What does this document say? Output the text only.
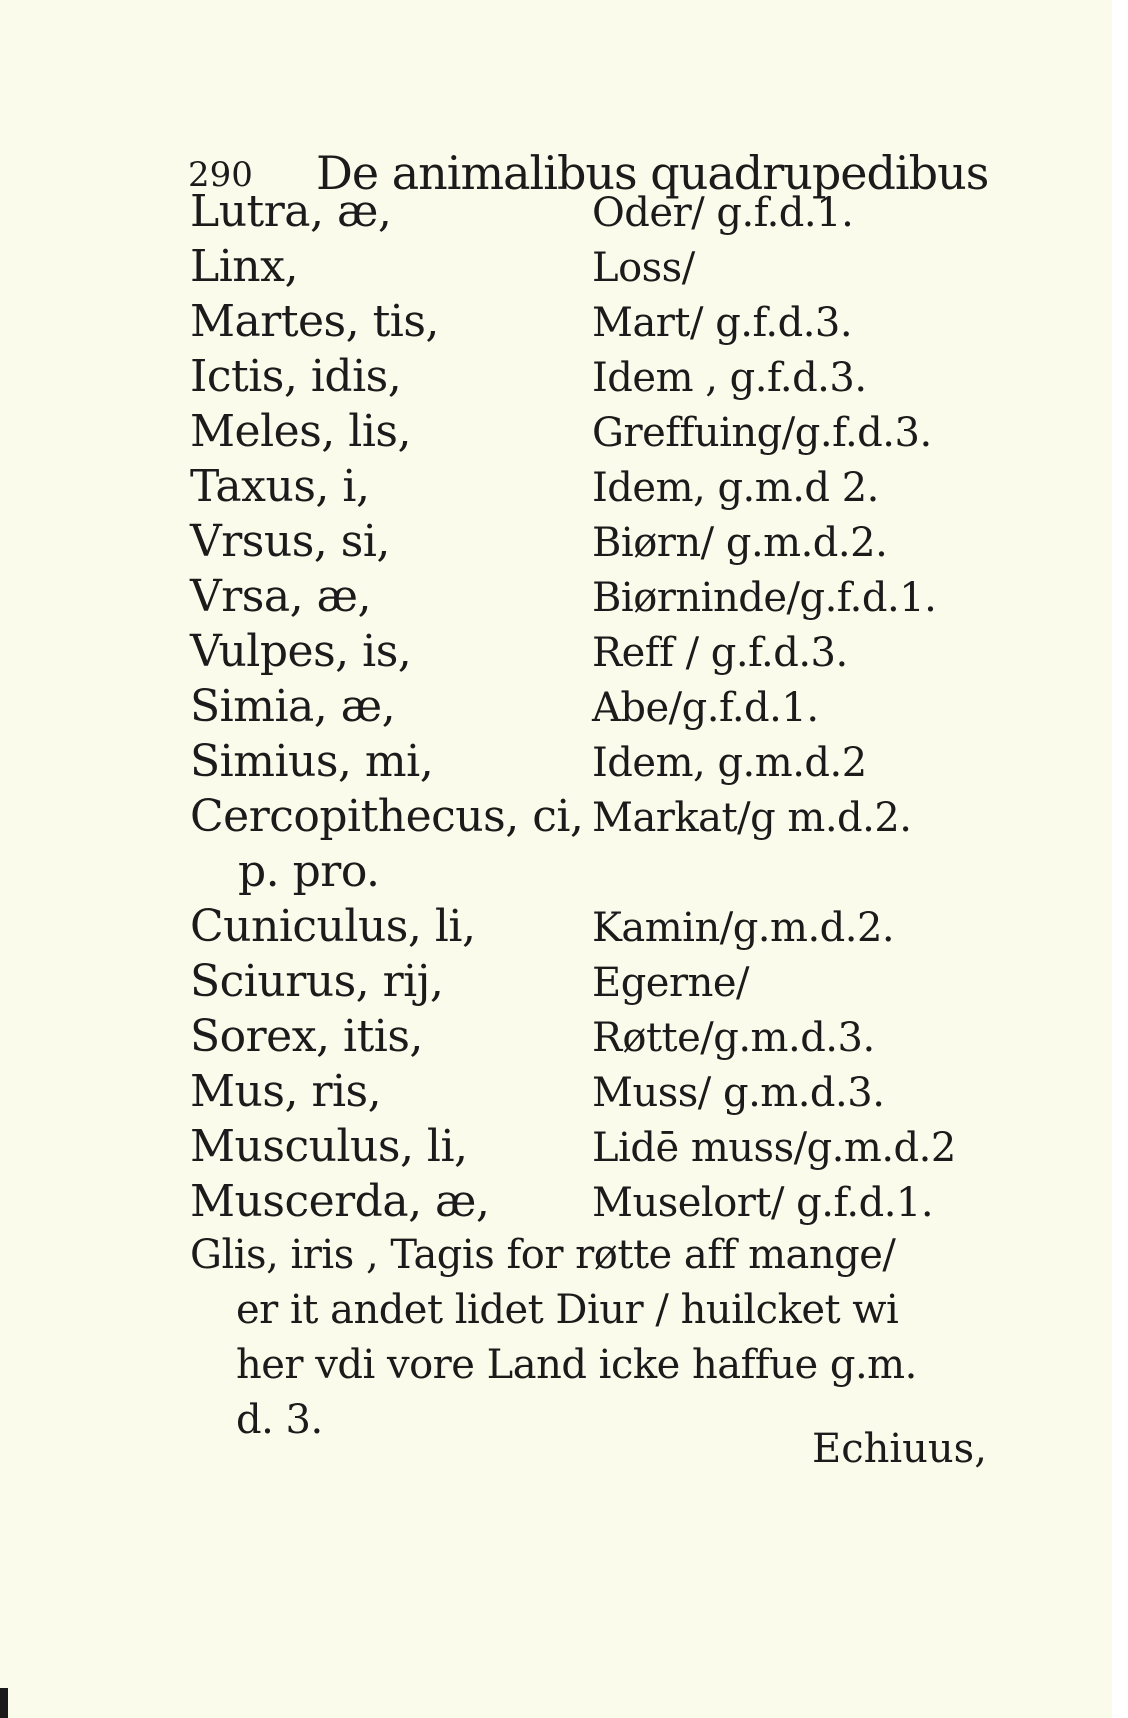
290 De animalibus quadrupedibus
Lutra, æ,	Oder/ g.f.d.1.
Linx,	Loss/
Martes, tis,	Mart/ g.f.d.3.
Ictis, idis,	Idem , g.f.d.3.
Meles, lis,	Greffuing/g.f.d.3.
Taxus, i,	Idem, g.m.d 2.
Vrsus, si,	Biørn/ g.m.d.2.
Vrsa, æ,	Biørninde/g.f.d.1.
Vulpes, is,	Reff / g.f.d.3.
Simia, æ,	Abe/g.f.d.1.
Simius, mi,	Idem, g.m.d.2
Cercopithecus, ci, Markat/g m.d.2.
p. pro.
Cuniculus, li,	Kamin/g.m.d.2.
Sciurus, rij,	Egerne/
Sorex, itis,	Røtte/g.m.d.3.
Mus, ris,	Muss/ g.m.d.3.
Musculus, li,	Lidē muss/g.m.d.2
Muscerda, æ,	Muselort/ g.f.d.1.
Glis, iris , Tagis for røtte aff mange/
er it andet lidet Diur / huilcket wi
her vdi vore Land icke haffue g.m.
d. 3.
Echiuus,
